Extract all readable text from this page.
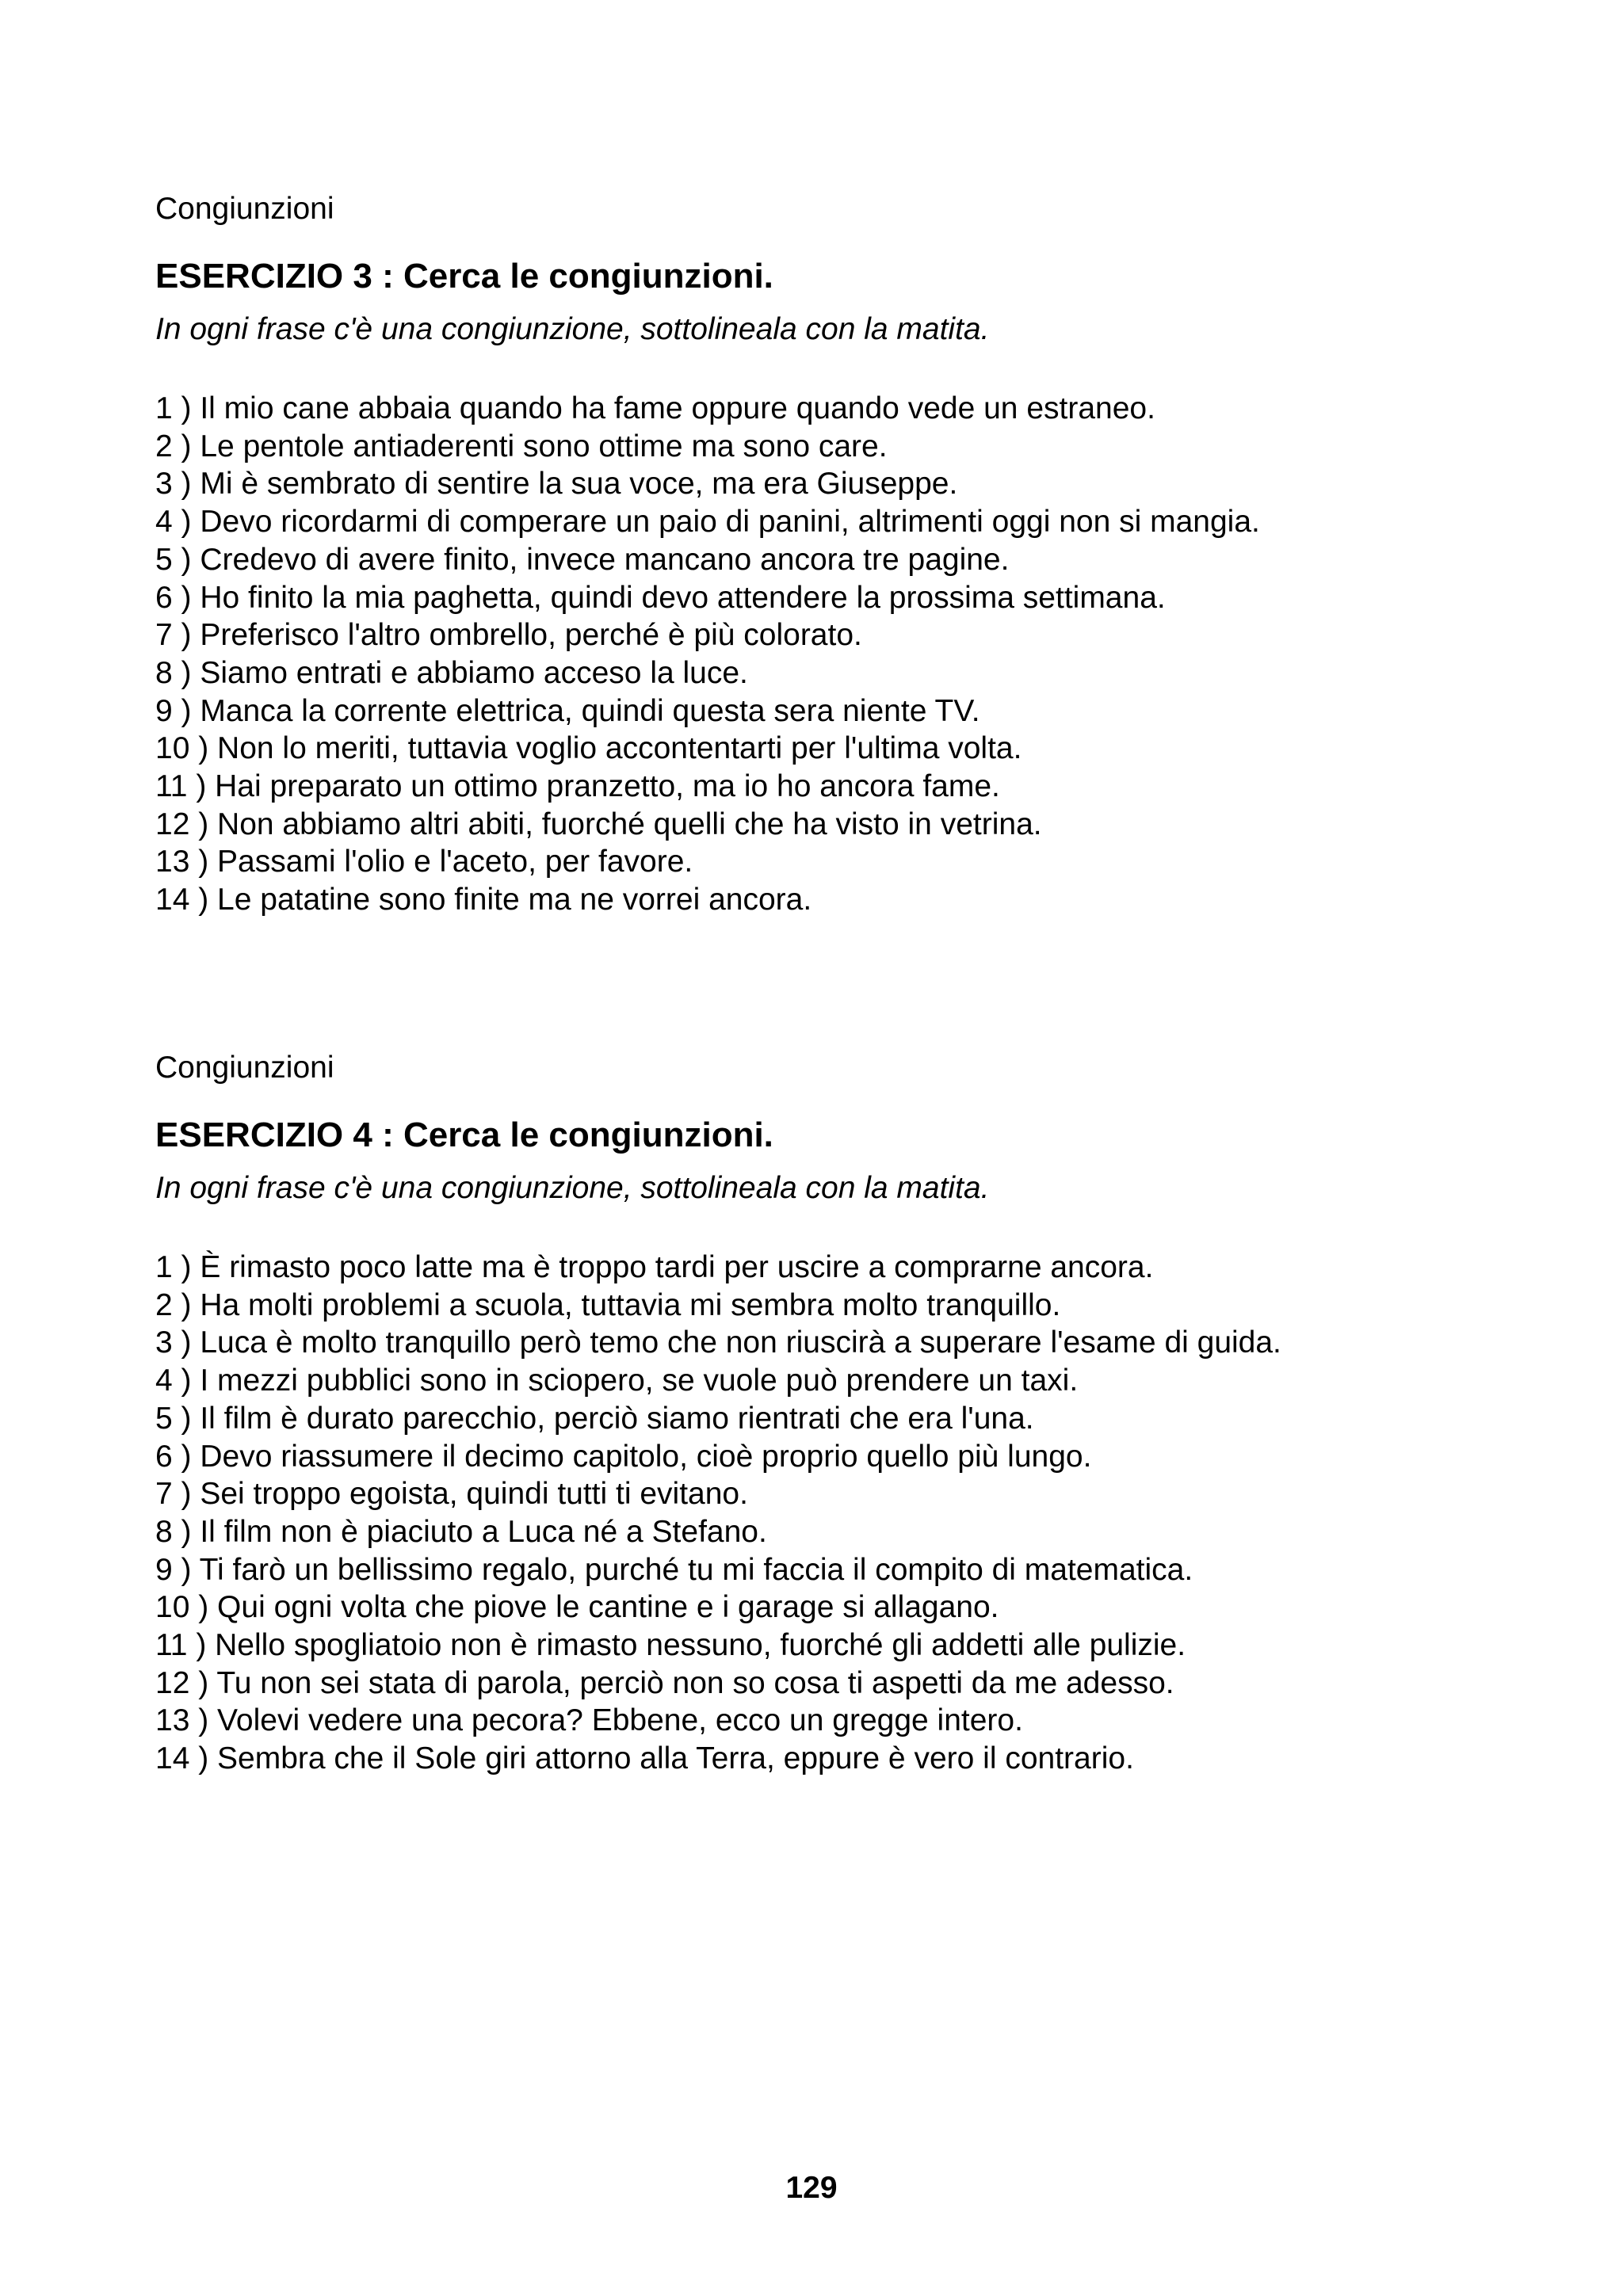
Congiunzioni

ESERCIZIO 3 : Cerca le congiunzioni.

In ogni frase c'è una congiunzione, sottolineala con la matita.

1 ) Il mio cane abbaia quando ha fame oppure quando vede un estraneo.
2 ) Le pentole antiaderenti sono ottime ma sono care.
3 ) Mi è sembrato di sentire la sua voce, ma era Giuseppe.
4 ) Devo ricordarmi di comperare un paio di panini, altrimenti oggi non si mangia.
5 ) Credevo di avere finito, invece mancano ancora tre pagine.
6 ) Ho finito la mia paghetta, quindi devo attendere la prossima settimana.
7 ) Preferisco l'altro ombrello, perché è più colorato.
8 ) Siamo entrati e abbiamo acceso la luce.
9 ) Manca la corrente elettrica, quindi questa sera niente TV.
10 ) Non lo meriti, tuttavia voglio accontentarti per l'ultima volta.
11 ) Hai preparato un ottimo pranzetto, ma io ho ancora fame.
12 ) Non abbiamo altri abiti, fuorché quelli che ha visto in vetrina.
13 ) Passami l'olio e l'aceto, per favore.
14 ) Le patatine sono finite ma ne vorrei ancora.

Congiunzioni

ESERCIZIO 4 : Cerca le congiunzioni.

In ogni frase c'è una congiunzione, sottolineala con la matita.

1 ) È rimasto poco latte ma è troppo tardi per uscire a comprarne ancora.
2 ) Ha molti problemi a scuola, tuttavia mi sembra molto tranquillo.
3 ) Luca è molto tranquillo però temo che non riuscirà a superare l'esame di guida.
4 ) I mezzi pubblici sono in sciopero, se vuole può prendere un taxi.
5 ) Il film è durato parecchio, perciò siamo rientrati che era l'una.
6 ) Devo riassumere il decimo capitolo, cioè proprio quello più lungo.
7 ) Sei troppo egoista, quindi tutti ti evitano.
8 ) Il film non è piaciuto a Luca né a Stefano.
9 ) Ti farò un bellissimo regalo, purché tu mi faccia il compito di matematica.
10 ) Qui ogni volta che piove le cantine e i garage si allagano.
11 ) Nello spogliatoio non è rimasto nessuno, fuorché gli addetti alle pulizie.
12 ) Tu non sei stata di parola, perciò non so cosa ti aspetti da me adesso.
13 ) Volevi vedere una pecora? Ebbene, ecco un gregge intero.
14 ) Sembra che il Sole giri attorno alla Terra, eppure è vero il contrario.
129
